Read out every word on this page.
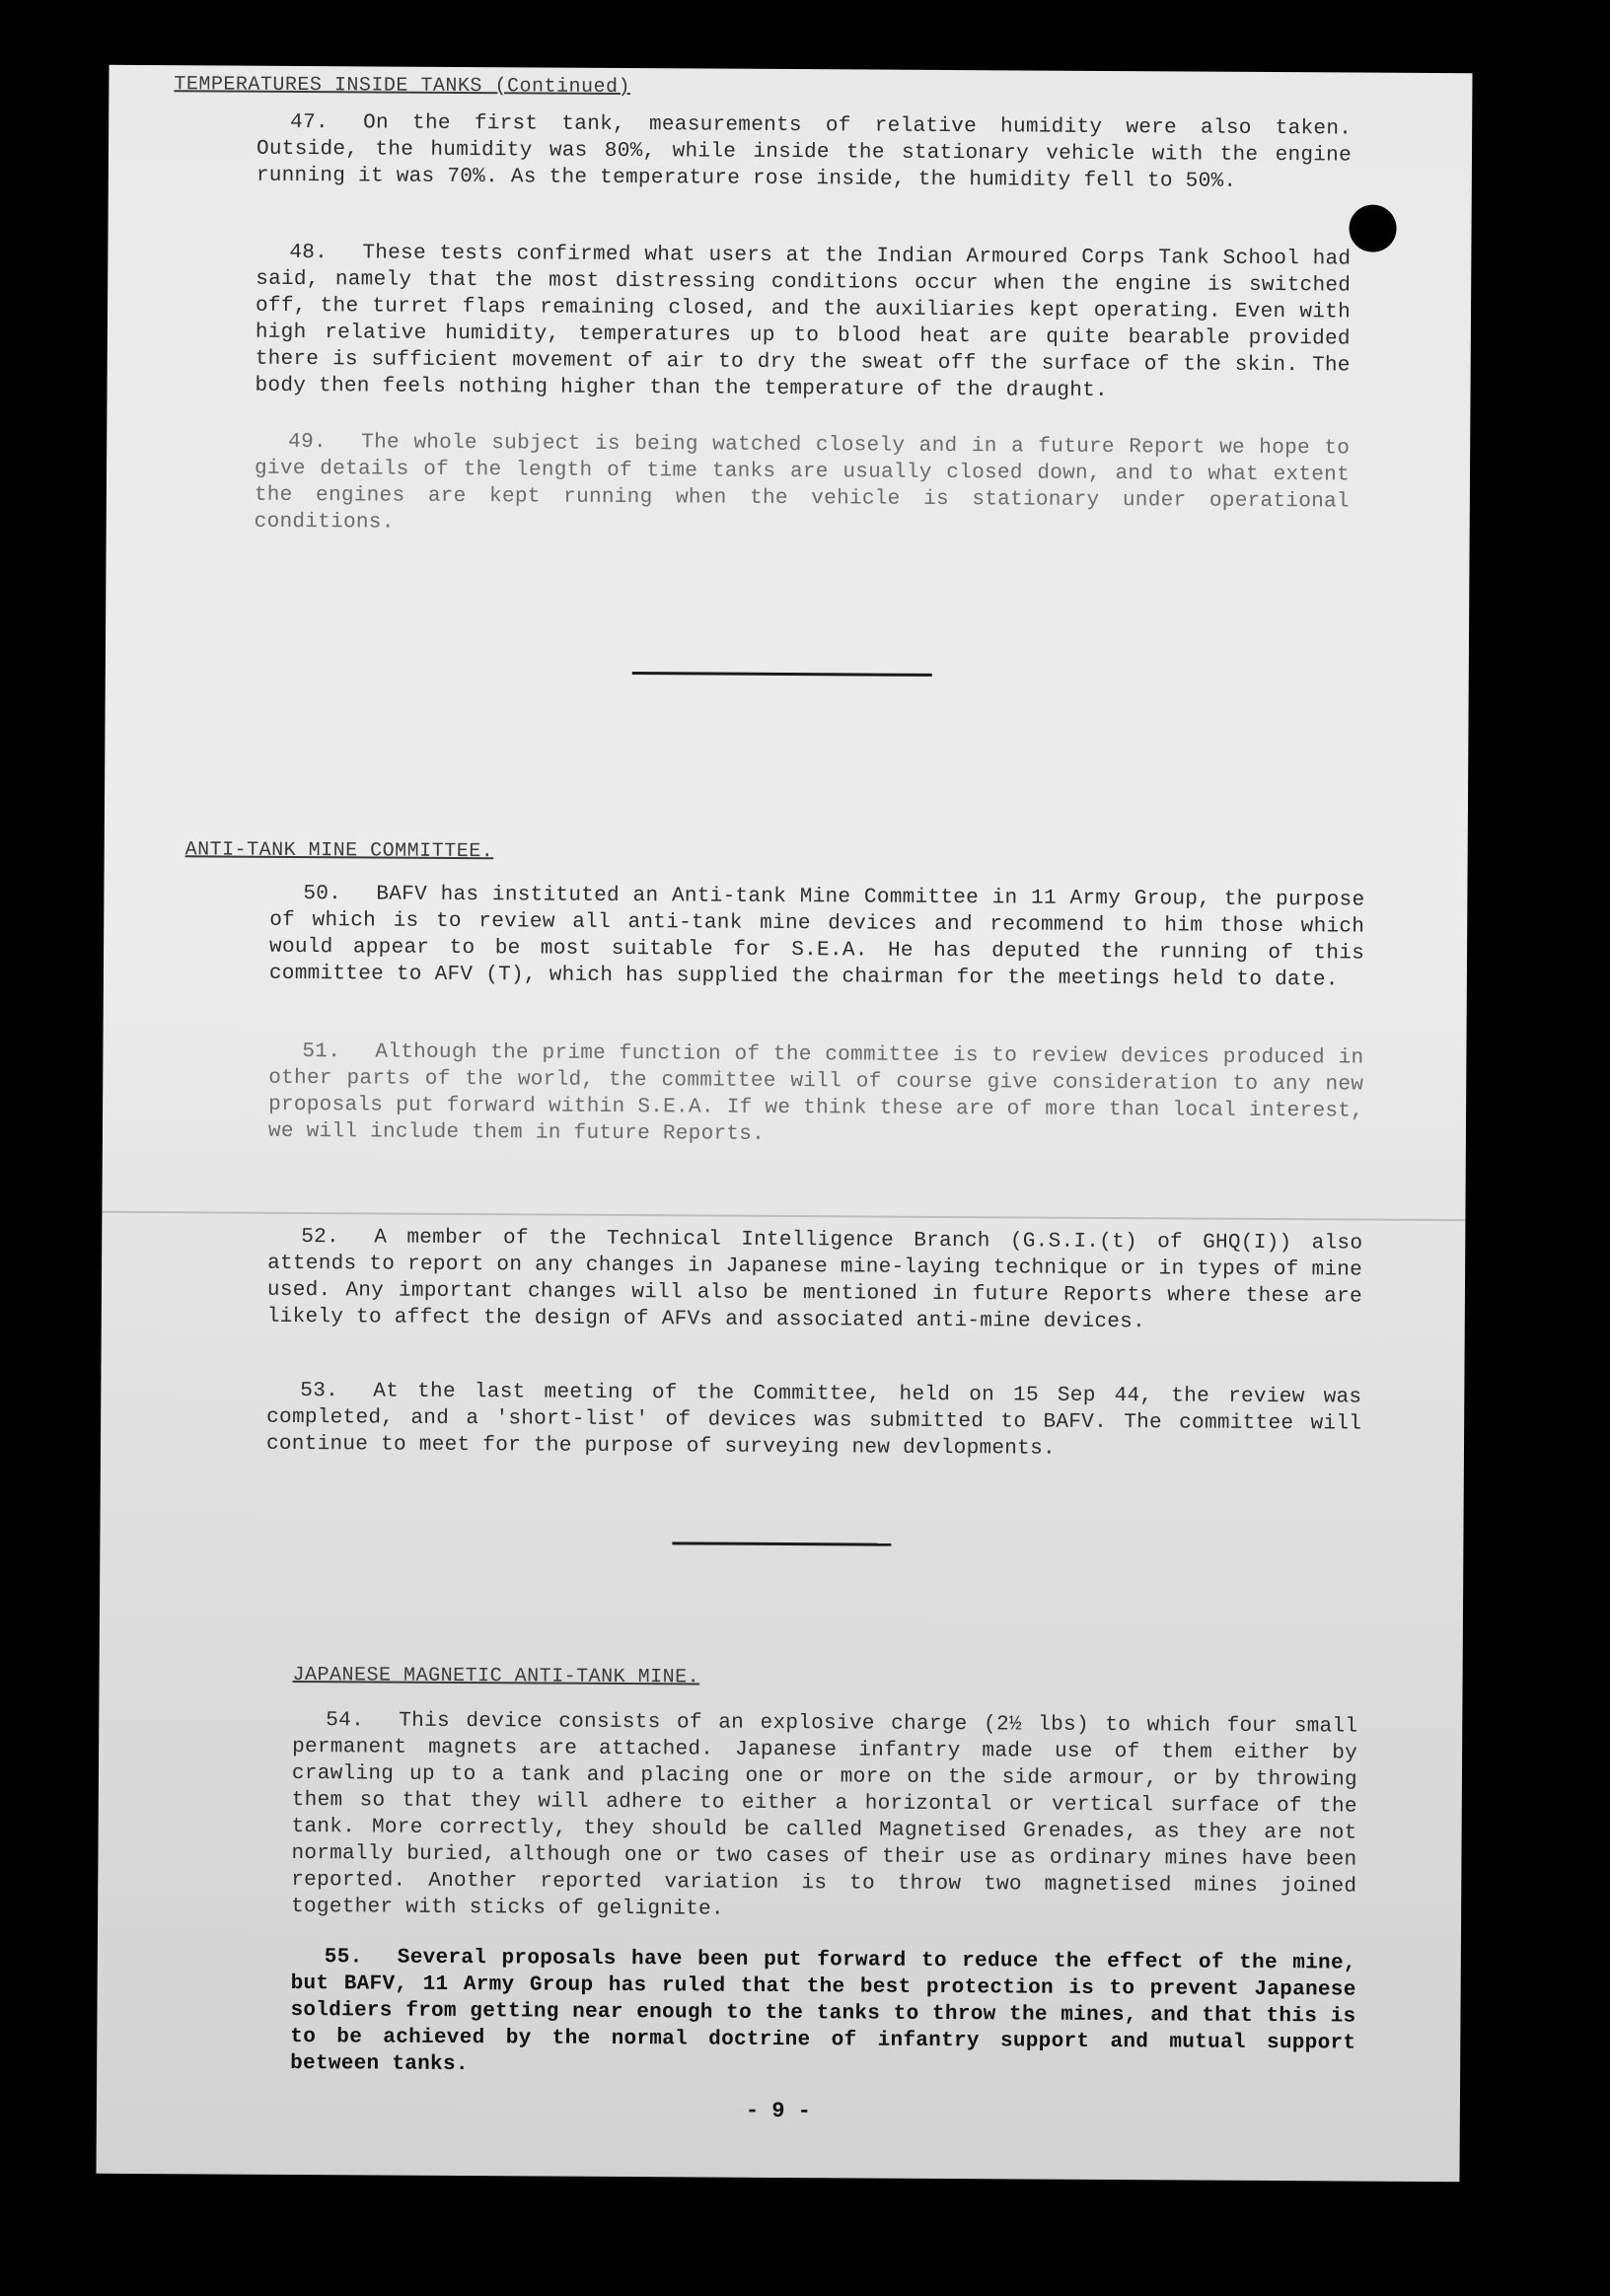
TEMPERATURES INSIDE TANKS (Continued)
47. On the first tank, measurements of relative humidity were also taken. Outside, the humidity was 80%, while inside the stationary vehicle with the engine running it was 70%. As the temperature rose inside, the humidity fell to 50%.
48. These tests confirmed what users at the Indian Armoured Corps Tank School had said, namely that the most distressing conditions occur when the engine is switched off, the turret flaps remaining closed, and the auxiliaries kept operating. Even with high relative humidity, temperatures up to blood heat are quite bearable provided there is sufficient movement of air to dry the sweat off the surface of the skin. The body then feels nothing higher than the temperature of the draught.
49. The whole subject is being watched closely and in a future Report we hope to give details of the length of time tanks are usually closed down, and to what extent the engines are kept running when the vehicle is stationary under operational conditions.
ANTI-TANK MINE COMMITTEE.
50. BAFV has instituted an Anti-tank Mine Committee in 11 Army Group, the purpose of which is to review all anti-tank mine devices and recommend to him those which would appear to be most suitable for S.E.A. He has deputed the running of this committee to AFV (T), which has supplied the chairman for the meetings held to date.
51. Although the prime function of the committee is to review devices produced in other parts of the world, the committee will of course give consideration to any new proposals put forward within S.E.A. If we think these are of more than local interest, we will include them in future Reports.
52. A member of the Technical Intelligence Branch (G.S.I.(t) of GHQ(I)) also attends to report on any changes in Japanese mine-laying technique or in types of mine used. Any important changes will also be mentioned in future Reports where these are likely to affect the design of AFVs and associated anti-mine devices.
53. At the last meeting of the Committee, held on 15 Sep 44, the review was completed, and a 'short-list' of devices was submitted to BAFV. The committee will continue to meet for the purpose of surveying new devlopments.
JAPANESE MAGNETIC ANTI-TANK MINE.
54. This device consists of an explosive charge (2½ lbs) to which four small permanent magnets are attached. Japanese infantry made use of them either by crawling up to a tank and placing one or more on the side armour, or by throwing them so that they will adhere to either a horizontal or vertical surface of the tank. More correctly, they should be called Magnetised Grenades, as they are not normally buried, although one or two cases of their use as ordinary mines have been reported. Another reported variation is to throw two magnetised mines joined together with sticks of gelignite.
55. Several proposals have been put forward to reduce the effect of the mine, but BAFV, 11 Army Group has ruled that the best protection is to prevent Japanese soldiers from getting near enough to the tanks to throw the mines, and that this is to be achieved by the normal doctrine of infantry support and mutual support between tanks.
- 9 -
